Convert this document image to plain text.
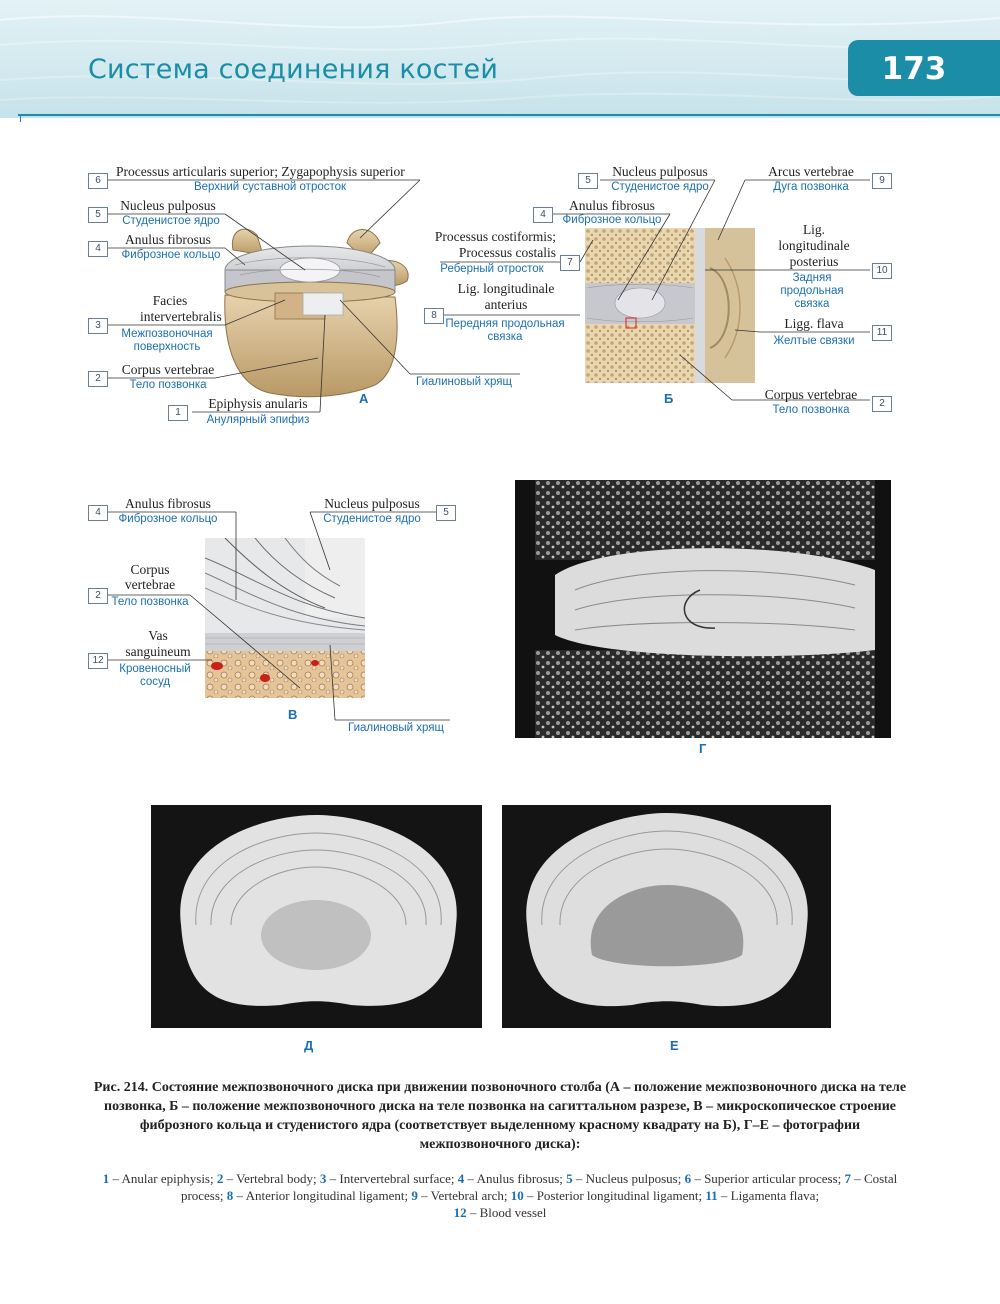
Система соединения костей	173
6
Processus articularis superior; Zygapophysis superior
Верхний суставной отросток
5
Nucleus pulposus
Студенистое ядро
4
Anulus fibrosus
Фиброзное кольцо
3
Facies intervertebralis
Межпозвоночная поверхность
2
Corpus vertebrae
Тело позвонка
1
Epiphysis anularis
Анулярный эпифиз
Гиалиновый хрящ
А
5
Nucleus pulposus
Студенистое ядро
4
Anulus fibrosus
Фиброзное кольцо
7
Processus costiformis; Processus costalis
Реберный отросток
8
Lig. longitudinale anterius
Передняя продольная связка
9
Arcus vertebrae
Дуга позвонка
10
Lig. longitudinale posterius
Задняя продольная связка
11
Ligg. flava
Желтые связки
2
Corpus vertebrae
Тело позвонка
Б
4
Anulus fibrosus
Фиброзное кольцо
5
Nucleus pulposus
Студенистое ядро
2
Corpus vertebrae
Тело позвонка
12
Vas sanguineum
Кровеносный сосуд
Гиалиновый хрящ
В
Г
Д	Е
Рис. 214. Состояние межпозвоночного диска при движении позвоночного столба (А – положение межпозвоночного диска на теле позвонка, Б – положение межпозвоночного диска на теле позвонка на сагиттальном разрезе, В – микроскопическое строение фиброзного кольца и студенистого ядра (соответствует выделенному красному квадрату на Б), Г–Е – фотографии межпозвоночного диска):
1 – Anular epiphysis; 2 – Vertebral body; 3 – Intervertebral surface; 4 – Anulus fibrosus; 5 – Nucleus pulposus; 6 – Superior articular process; 7 – Costal process; 8 – Anterior longitudinal ligament; 9 – Vertebral arch; 10 – Posterior longitudinal ligament; 11 – Ligamenta flava;
12 – Blood vessel
